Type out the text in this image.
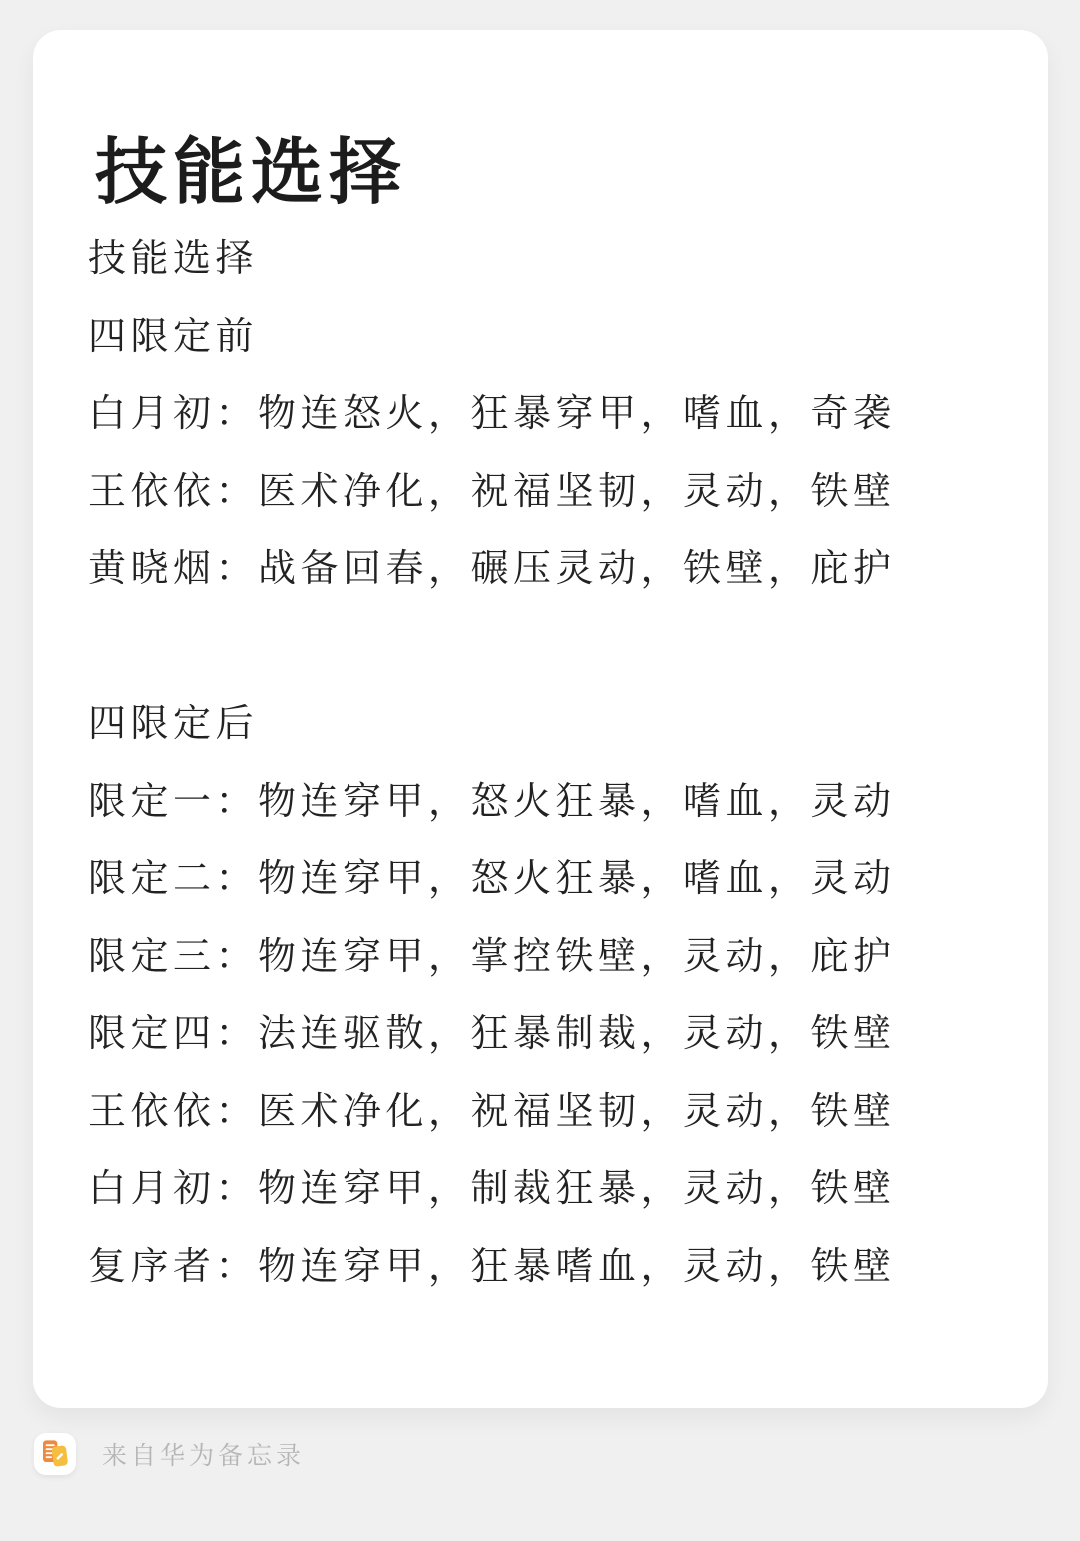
技能选择
技能选择
四限定前
白月初：物连怒火，狂暴穿甲，嗜血，奇袭
王依依：医术净化，祝福坚韧，灵动，铁壁
黄晓烟：战备回春，碾压灵动，铁壁，庇护

四限定后
限定一：物连穿甲，怒火狂暴，嗜血，灵动
限定二：物连穿甲，怒火狂暴，嗜血，灵动
限定三：物连穿甲，掌控铁壁，灵动，庇护
限定四：法连驱散，狂暴制裁，灵动，铁壁
王依依：医术净化，祝福坚韧，灵动，铁壁
白月初：物连穿甲，制裁狂暴，灵动，铁壁
复序者：物连穿甲，狂暴嗜血，灵动，铁壁
来自华为备忘录
